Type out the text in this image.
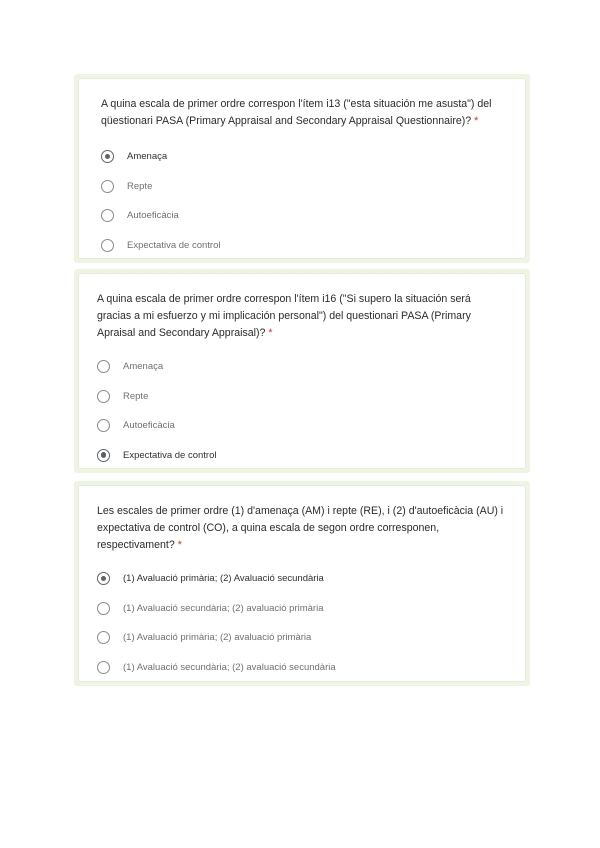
A quina escala de primer ordre correspon l'ítem i13 ("esta situación me asusta") del qüestionari PASA (Primary Appraisal and Secondary Appraisal Questionnaire)? *

Amenaça
Repte
Autoeficàcia
Expectativa de control

A quina escala de primer ordre correspon l'ítem i16 ("Si supero la situación será gracias a mi esfuerzo y mi implicación personal") del questionari PASA (Primary Apraisal and Secondary Appraisal)? *

Amenaça
Repte
Autoeficàcia
Expectativa de control

Les escales de primer ordre (1) d'amenaça (AM) i repte (RE), i (2) d'autoeficàcia (AU) i expectativa de control (CO), a quina escala de segon ordre corresponen, respectivament? *

(1) Avaluació primària; (2) Avaluació secundària
(1) Avaluació secundària; (2) avaluació primària
(1) Avaluació primària; (2) avaluació primària
(1) Avaluació secundària; (2) avaluació secundària
